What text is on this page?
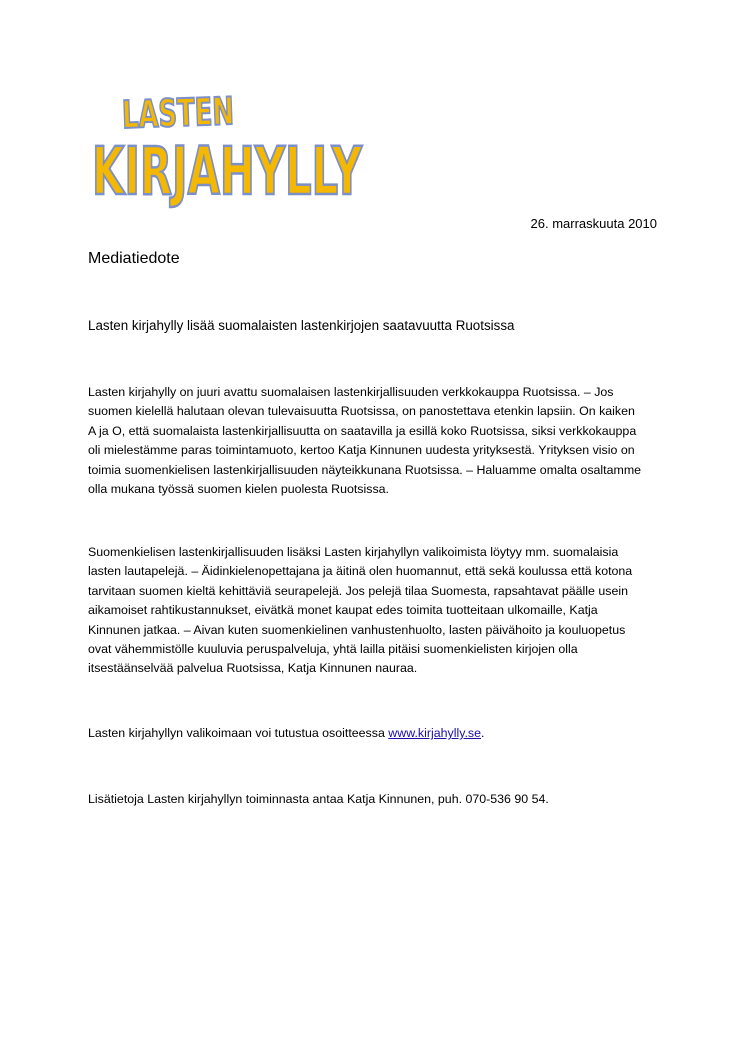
LASTEN
KIRJAHYLLY
26. marraskuuta 2010
Mediatiedote
Lasten kirjahylly lisää suomalaisten lastenkirjojen saatavuutta Ruotsissa
Lasten kirjahylly on juuri avattu suomalaisen lastenkirjallisuuden verkkokauppa Ruotsissa. – Jos
suomen kielellä halutaan olevan tulevaisuutta Ruotsissa, on panostettava etenkin lapsiin. On kaiken
A ja O, että suomalaista lastenkirjallisuutta on saatavilla ja esillä koko Ruotsissa, siksi verkkokauppa
oli mielestämme paras toimintamuoto, kertoo Katja Kinnunen uudesta yrityksestä. Yrityksen visio on
toimia suomenkielisen lastenkirjallisuuden näyteikkunana Ruotsissa. – Haluamme omalta osaltamme
olla mukana työssä suomen kielen puolesta Ruotsissa.
Suomenkielisen lastenkirjallisuuden lisäksi Lasten kirjahyllyn valikoimista löytyy mm. suomalaisia
lasten lautapelejä. – Äidinkielenopettajana ja äitinä olen huomannut, että sekä koulussa että kotona
tarvitaan suomen kieltä kehittäviä seurapelejä. Jos pelejä tilaa Suomesta, rapsahtavat päälle usein
aikamoiset rahtikustannukset, eivätkä monet kaupat edes toimita tuotteitaan ulkomaille, Katja
Kinnunen jatkaa. – Aivan kuten suomenkielinen vanhustenhuolto, lasten päivähoito ja kouluopetus
ovat vähemmistölle kuuluvia peruspalveluja, yhtä lailla pitäisi suomenkielisten kirjojen olla
itsestäänselvää palvelua Ruotsissa, Katja Kinnunen nauraa.
Lasten kirjahyllyn valikoimaan voi tutustua osoitteessa www.kirjahylly.se.
Lisätietoja Lasten kirjahyllyn toiminnasta antaa Katja Kinnunen, puh. 070-536 90 54.
